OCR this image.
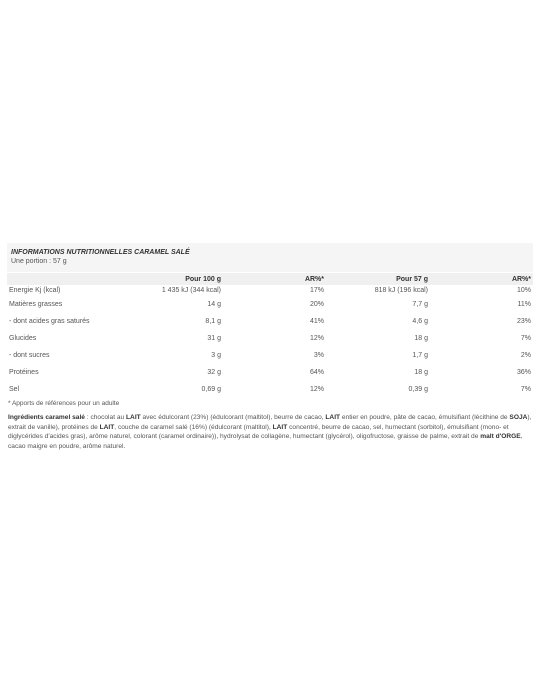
INFORMATIONS NUTRITIONNELLES CARAMEL SALÉ
Une portion : 57 g
	Pour 100 g	AR%*	Pour 57 g	AR%*
Energie Kj (kcal)	1 435 kJ (344 kcal)	17%	818 kJ (196 kcal)	10%
Matières grasses	14 g	20%	7,7 g	11%
- dont acides gras saturés	8,1 g	41%	4,6 g	23%
Glucides	31 g	12%	18 g	7%
- dont sucres	3 g	3%	1,7 g	2%
Protéines	32 g	64%	18 g	36%
Sel	0,69 g	12%	0,39 g	7%
* Apports de références pour un adulte
Ingrédients caramel salé : chocolat au LAIT avec édulcorant (23%) (édulcorant (maltitol), beurre de cacao, LAIT entier en poudre, pâte de cacao, émulsifiant (lécithine de SOJA), extrait de vanille), protéines de LAIT, couche de caramel salé (16%) (édulcorant (maltitol), LAIT concentré, beurre de cacao, sel, humectant (sorbitol), émulsifiant (mono- et diglycérides d'acides gras), arôme naturel, colorant (caramel ordinaire)), hydrolysat de collagène, humectant (glycérol), oligofructose, graisse de palme, extrait de malt d'ORGE, cacao maigre en poudre, arôme naturel.
